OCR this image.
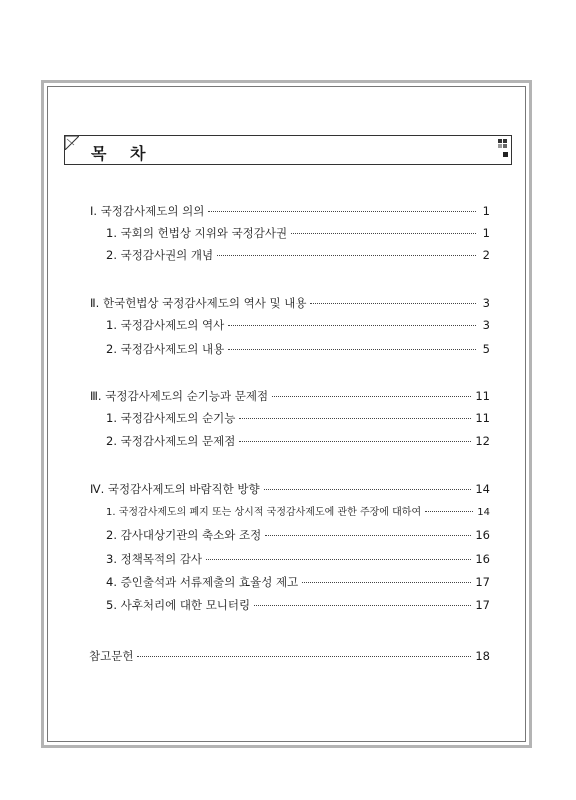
목 차
Ⅰ. 국정감사제도의 의의	1
1. 국회의 헌법상 지위와 국정감사권	1
2. 국정감사권의 개념	2
Ⅱ. 한국헌법상 국정감사제도의 역사 및 내용	3
1. 국정감사제도의 역사	3
2. 국정감사제도의 내용	5
Ⅲ. 국정감사제도의 순기능과 문제점	11
1. 국정감사제도의 순기능	11
2. 국정감사제도의 문제점	12
Ⅳ. 국정감사제도의 바람직한 방향	14
1. 국정감사제도의 폐지 또는 상시적 국정감사제도에 관한 주장에 대하여	14
2. 감사대상기관의 축소와 조정	16
3. 정책목적의 감사	16
4. 증인출석과 서류제출의 효율성 제고	17
5. 사후처리에 대한 모니터링	17
참고문헌	18
